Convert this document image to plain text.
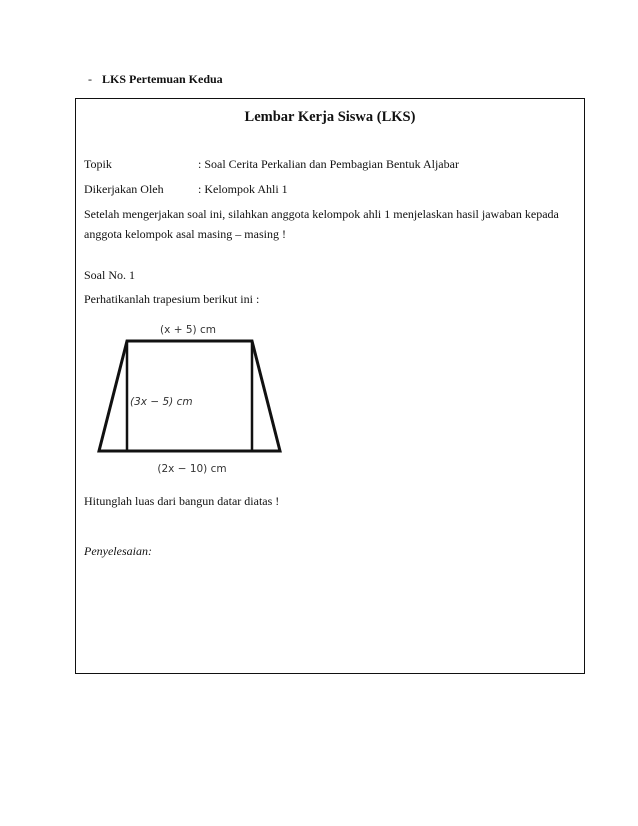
- LKS Pertemuan Kedua
Lembar Kerja Siswa (LKS)
Topik	: Soal Cerita Perkalian dan Pembagian Bentuk Aljabar
Dikerjakan Oleh	: Kelompok Ahli 1
Setelah mengerjakan soal ini, silahkan anggota kelompok ahli 1 menjelaskan hasil jawaban kepada anggota kelompok asal masing – masing !
Soal No. 1
Perhatikanlah trapesium berikut ini :
(x + 5) cm
(3x − 5) cm
(2x − 10) cm
Hitunglah luas dari bangun datar diatas !
Penyelesaian:
